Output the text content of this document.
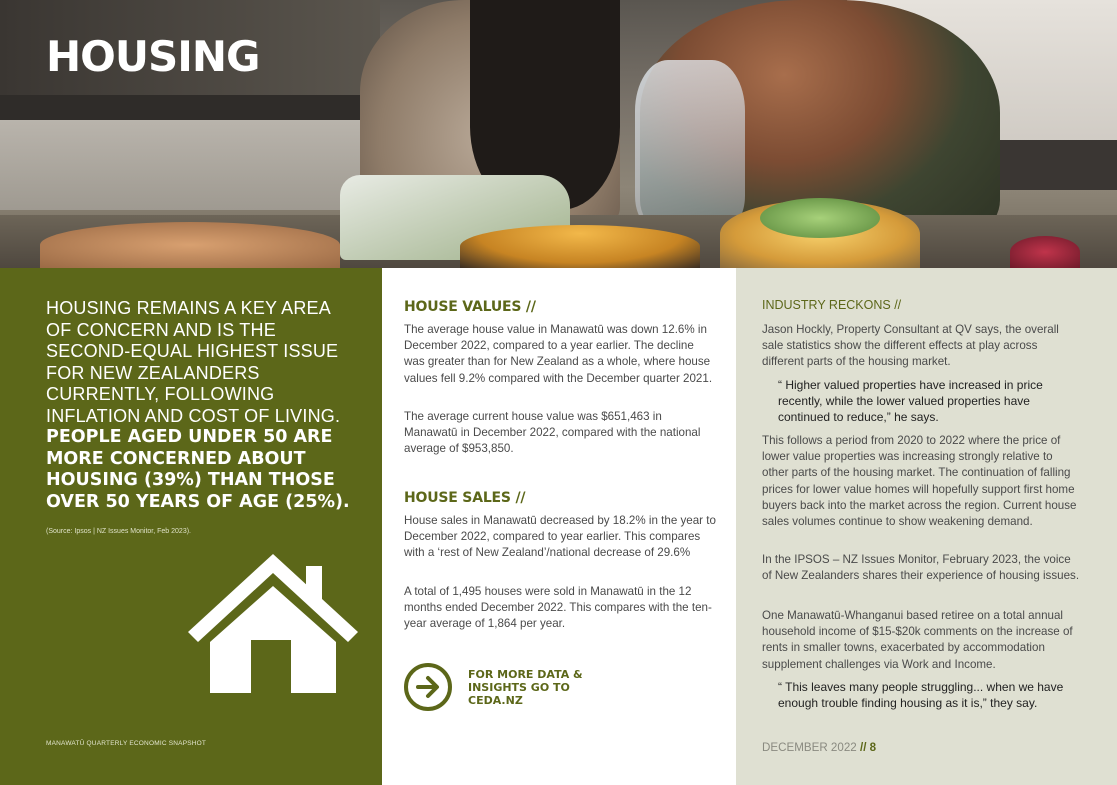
HOUSING

HOUSING REMAINS A KEY AREA OF CONCERN AND IS THE SECOND-EQUAL HIGHEST ISSUE FOR NEW ZEALANDERS CURRENTLY, FOLLOWING INFLATION AND COST OF LIVING.
PEOPLE AGED UNDER 50 ARE MORE CONCERNED ABOUT HOUSING (39%) THAN THOSE OVER 50 YEARS OF AGE (25%).

(Source: Ipsos | NZ Issues Monitor, Feb 2023).

MANAWATŪ QUARTERLY ECONOMIC SNAPSHOT

HOUSE VALUES //

The average house value in Manawatū was down 12.6% in December 2022, compared to a year earlier. The decline was greater than for New Zealand as a whole, where house values fell 9.2% compared with the December quarter 2021.

The average current house value was $651,463 in Manawatū in December 2022, compared with the national average of $953,850.

HOUSE SALES //

House sales in Manawatū decreased by 18.2% in the year to December 2022, compared to year earlier. This compares with a ‘rest of New Zealand’/national decrease of 29.6%

A total of 1,495 houses were sold in Manawatū in the 12 months ended December 2022. This compares with the ten-year average of 1,864 per year.

FOR MORE DATA & INSIGHTS GO TO CEDA.NZ

INDUSTRY RECKONS //

Jason Hockly, Property Consultant at QV says, the overall sale statistics show the different effects at play across different parts of the housing market.

“ Higher valued properties have increased in price recently, while the lower valued properties have continued to reduce,” he says.

This follows a period from 2020 to 2022 where the price of lower value properties was increasing strongly relative to other parts of the housing market. The continuation of falling prices for lower value homes will hopefully support first home buyers back into the market across the region. Current house sales volumes continue to show weakening demand.

In the IPSOS – NZ Issues Monitor, February 2023, the voice of New Zealanders shares their experience of housing issues.

One Manawatū-Whanganui based retiree on a total annual household income of $15-$20k comments on the increase of rents in smaller towns, exacerbated by accommodation supplement challenges via Work and Income.

“ This leaves many people struggling... when we have enough trouble finding housing as it is,” they say.

DECEMBER 2022 // 8
